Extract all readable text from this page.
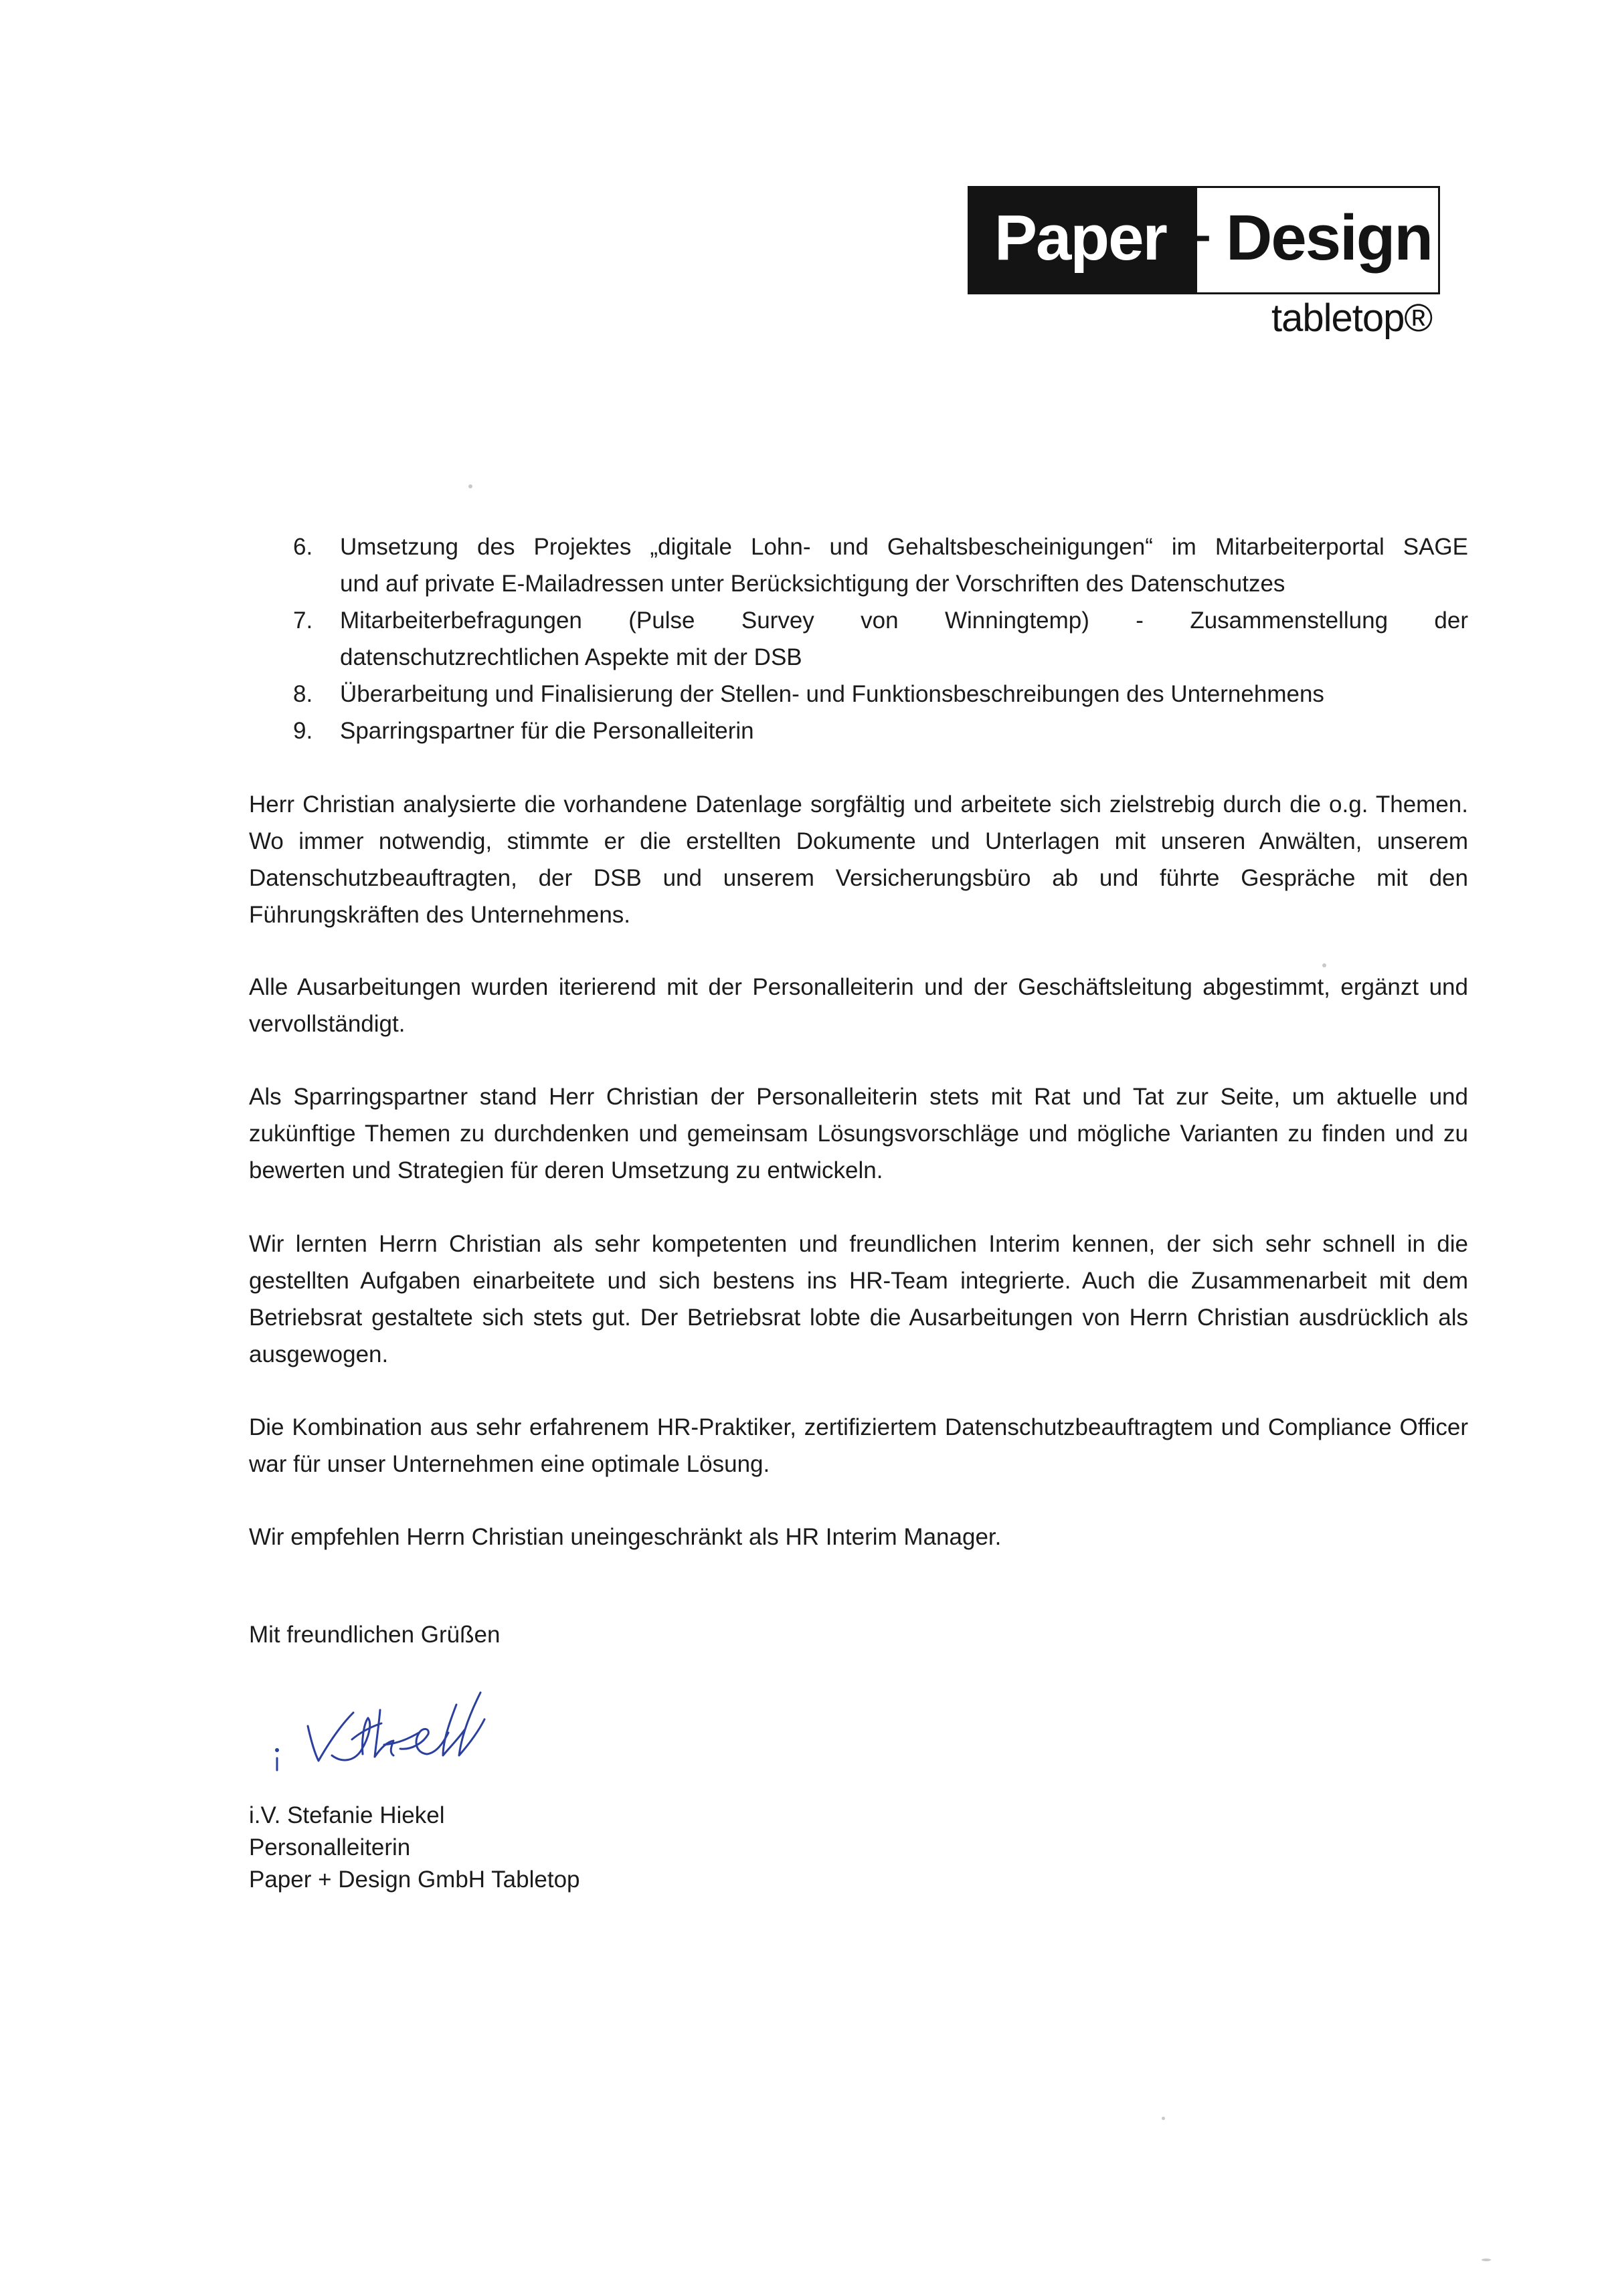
Paper + Design
tabletop®
6. Umsetzung des Projektes „digitale Lohn- und Gehaltsbescheinigungen“ im Mitarbeiterportal SAGE
und auf private E-Mailadressen unter Berücksichtigung der Vorschriften des Datenschutzes
7. Mitarbeiterbefragungen (Pulse Survey von Winningtemp) - Zusammenstellung der
datenschutzrechtlichen Aspekte mit der DSB
8. Überarbeitung und Finalisierung der Stellen- und Funktionsbeschreibungen des Unternehmens
9. Sparringspartner für die Personalleiterin

Herr Christian analysierte die vorhandene Datenlage sorgfältig und arbeitete sich zielstrebig durch die o.g. Themen. Wo immer notwendig, stimmte er die erstellten Dokumente und Unterlagen mit unseren Anwälten, unserem Datenschutzbeauftragten, der DSB und unserem Versicherungsbüro ab und führte Gespräche mit den Führungskräften des Unternehmens.

Alle Ausarbeitungen wurden iterierend mit der Personalleiterin und der Geschäftsleitung abgestimmt, ergänzt und vervollständigt.

Als Sparringspartner stand Herr Christian der Personalleiterin stets mit Rat und Tat zur Seite, um aktuelle und zukünftige Themen zu durchdenken und gemeinsam Lösungsvorschläge und mögliche Varianten zu finden und zu bewerten und Strategien für deren Umsetzung zu entwickeln.

Wir lernten Herrn Christian als sehr kompetenten und freundlichen Interim kennen, der sich sehr schnell in die gestellten Aufgaben einarbeitete und sich bestens ins HR-Team integrierte. Auch die Zusammenarbeit mit dem Betriebsrat gestaltete sich stets gut. Der Betriebsrat lobte die Ausarbeitungen von Herrn Christian ausdrücklich als ausgewogen.

Die Kombination aus sehr erfahrenem HR-Praktiker, zertifiziertem Datenschutzbeauftragtem und Compliance Officer war für unser Unternehmen eine optimale Lösung.

Wir empfehlen Herrn Christian uneingeschränkt als HR Interim Manager.

Mit freundlichen Grüßen
i.V. Stefanie Hiekel
Personalleiterin
Paper + Design GmbH Tabletop
